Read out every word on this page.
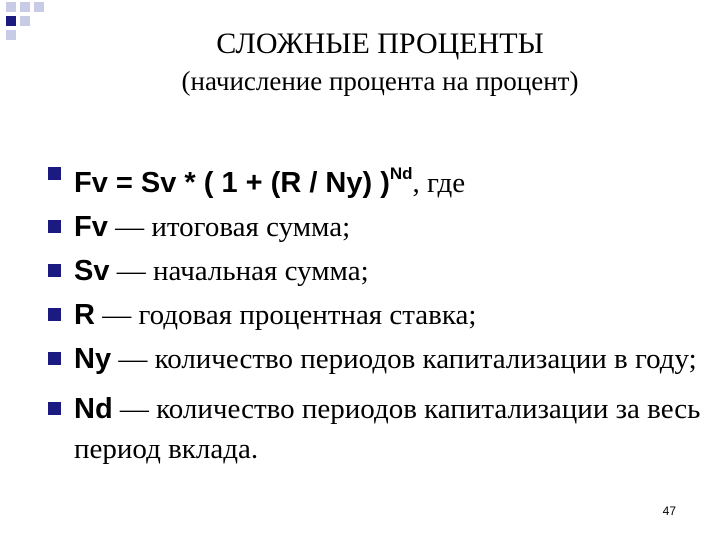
СЛОЖНЫЕ ПРОЦЕНТЫ
(начисление процента на процент)
Fv = Sv * ( 1 + (R / Ny) )$^{Nd}$, где
Fv — итоговая сумма;
Sv — начальная сумма;
R — годовая процентная ставка;
Ny — количество периодов капитализации в году;
Nd — количество периодов капитализации за весь период вклада.
47
